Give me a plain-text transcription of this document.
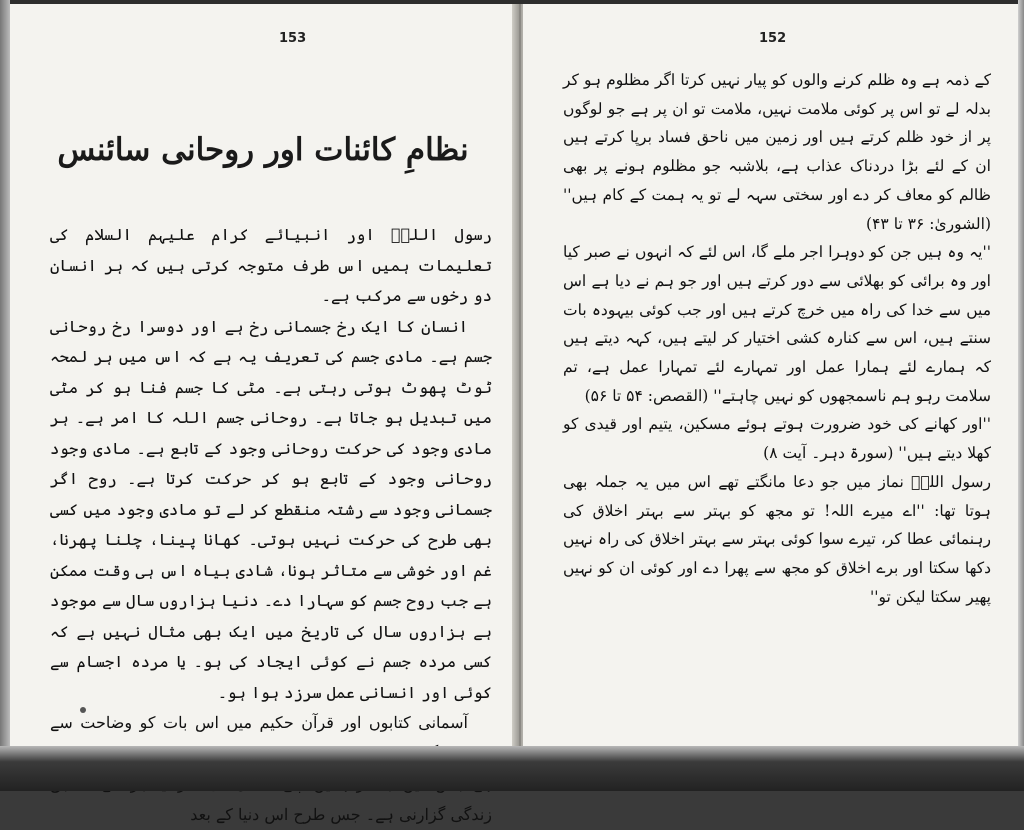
153
نظامِ کائنات اور روحانی سائنس

رسول اللہؐ اور انبیائے کرام علیہم السلام کی تعلیمات ہمیں اس طرف متوجہ کرتی ہیں کہ ہر انسان دو رخوں سے مرکب ہے۔

انسان کا ایک رخ جسمانی رخ ہے اور دوسرا رخ روحانی جسم ہے۔ مادی جسم کی تعریف یہ ہے کہ اس میں ہر لمحہ ٹوٹ پھوٹ ہوتی رہتی ہے۔ مٹی کا جسم فنا ہو کر مٹی میں تبدیل ہو جاتا ہے۔ روحانی جسم اللہ کا امر ہے۔ ہر مادی وجود کی حرکت روحانی وجود کے تابع ہے۔ مادی وجود روحانی وجود کے تابع ہو کر حرکت کرتا ہے۔ روح اگر جسمانی وجود سے رشتہ منقطع کر لے تو مادی وجود میں کسی بھی طرح کی حرکت نہیں ہوتی۔ کھانا پینا، چلنا پھرنا، غم اور خوشی سے متاثر ہونا، شادی بیاہ اس ہی وقت ممکن ہے جب روح جسم کو سہارا دے۔ دنیا ہزاروں سال سے موجود ہے ہزاروں سال کی تاریخ میں ایک بھی مثال نہیں ہے کہ کسی مردہ جسم نے کوئی ایجاد کی ہو۔ یا مردہ اجسام سے کوئی اور انسانی عمل سرزد ہوا ہو۔

آسمانی کتابوں اور قرآن حکیم میں اس بات کو وضاحت سے زندگی گزارنی ہے۔ جس طرح اس دنیا کے بعد

152

کے ذمہ ہے وہ ظلم کرنے والوں کو پیار نہیں کرتا اگر مظلوم ہو کر بدلہ لے تو اس پر کوئی ملامت نہیں، ملامت تو ان پر ہے جو لوگوں پر از خود ظلم کرتے ہیں اور زمین میں ناحق فساد برپا کرتے ہیں ان کے لئے بڑا دردناک عذاب ہے، بلاشبہ جو مظلوم ہونے پر بھی ظالم کو معاف کر دے اور سختی سہہ لے تو یہ ہمت کے کام ہیں'' (الشوریٰ: ۳۶ تا ۴۳)

''یہ وہ ہیں جن کو دوہرا اجر ملے گا، اس لئے کہ انہوں نے صبر کیا اور وہ برائی کو بھلائی سے دور کرتے ہیں اور جو ہم نے دیا ہے اس میں سے خدا کی راہ میں خرچ کرتے ہیں اور جب کوئی بیہودہ بات سنتے ہیں، اس سے کنارہ کشی اختیار کر لیتے ہیں، کہہ دیتے ہیں کہ ہمارے لئے ہمارا عمل اور تمہارے لئے تمہارا عمل ہے، تم سلامت رہو ہم ناسمجھوں کو نہیں چاہتے'' (القصص: ۵۴ تا ۵۶)

''اور کھانے کی خود ضرورت ہوتے ہوئے مسکین، یتیم اور قیدی کو کھلا دیتے ہیں'' (سورۃ دہر۔ آیت ۸)

رسول اللہؐ نماز میں جو دعا مانگتے تھے اس میں یہ جملہ بھی ہوتا تھا: ''اے میرے اللہ! تو مجھ کو بہتر سے بہتر اخلاق کی رہنمائی عطا کر، تیرے سوا کوئی بہتر سے بہتر اخلاق کی راہ نہیں دکھا سکتا اور برے اخلاق کو مجھ سے پھرا دے اور کوئی ان کو نہیں پھیر سکتا لیکن تو''
